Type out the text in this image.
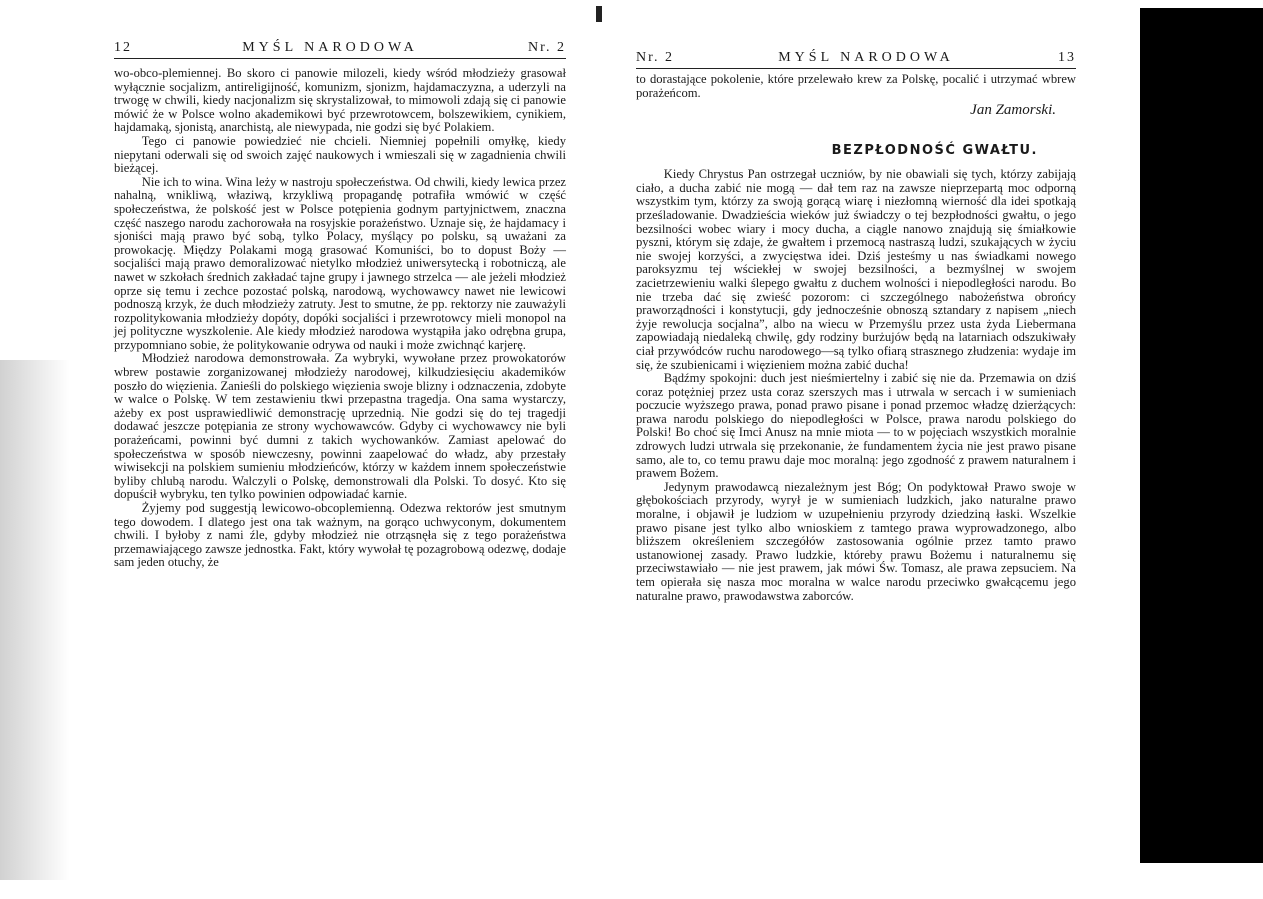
12	MYŚL NARODOWA	Nr. 2

wo-obco-plemiennej. Bo skoro ci panowie milozeli, kiedy wśród młodzieży grasował wyłącznie socjalizm, antireligijność, komunizm, sjonizm, hajdamaczyzna, a uderzyli na trwogę w chwili, kiedy nacjonalizm się skrystalizował, to mimowoli zdają się ci panowie mówić że w Polsce wolno akademikowi być przewrotowcem, bolszewikiem, cynikiem, hajdamaką, sjonistą, anarchistą, ale niewypada, nie godzi się być Polakiem.

Tego ci panowie powiedzieć nie chcieli. Niemniej popełnili omyłkę, kiedy niepytani oderwali się od swoich zajęć naukowych i wmieszali się w zagadnienia chwili bieżącej.

Nie ich to wina. Wina leży w nastroju społeczeństwa. Od chwili, kiedy lewica przez nahalną, wnikliwą, właziwą, krzykliwą propagandę potrafiła wmówić w część społeczeństwa, że polskość jest w Polsce potępienia godnym partyjnictwem, znaczna część naszego narodu zachorowała na rosyjskie porażeństwo. Uznaje się, że hajdamacy i sjoniści mają prawo być sobą, tylko Polacy, myślący po polsku, są uważani za prowokację. Między Polakami mogą grasować Komuniści, bo to dopust Boży — socjaliści mają prawo demoralizować nietylko młodzież uniwersytecką i robotniczą, ale nawet w szkołach średnich zakładać tajne grupy i jawnego strzelca — ale jeżeli młodzież oprze się temu i zechce pozostać polską, narodową, wychowawcy nawet nie lewicowi podnoszą krzyk, że duch młodzieży zatruty. Jest to smutne, że pp. rektorzy nie zauważyli rozpolitykowania młodzieży dopóty, dopóki socjaliści i przewrotowcy mieli monopol na jej polityczne wyszkolenie. Ale kiedy młodzież narodowa wystąpiła jako odrębna grupa, przypomniano sobie, że politykowanie odrywa od nauki i może zwichnąć karjerę.

Młodzież narodowa demonstrowała. Za wybryki, wywołane przez prowokatorów wbrew postawie zorganizowanej młodzieży narodowej, kilkudziesięciu akademików poszło do więzienia. Zanieśli do polskiego więzienia swoje blizny i odznaczenia, zdobyte w walce o Polskę. W tem zestawieniu tkwi przepastna tragedja. Ona sama wystarczy, ażeby ex post usprawiedliwić demonstrację uprzednią. Nie godzi się do tej tragedji dodawać jeszcze potępiania ze strony wychowawców. Gdyby ci wychowawcy nie byli porażeńcami, powinni być dumni z takich wychowanków. Zamiast apelować do społeczeństwa w sposób niewczesny, powinni zaapelować do władz, aby przestały wiwisekcji na polskiem sumieniu młodzieńców, którzy w każdem innem społeczeństwie byliby chlubą narodu. Walczyli o Polskę, demonstrowali dla Polski. To dosyć. Kto się dopuścił wybryku, ten tylko powinien odpowiadać karnie.

Żyjemy pod suggestją lewicowo-obcoplemienną. Odezwa rektorów jest smutnym tego dowodem. I dlatego jest ona tak ważnym, na gorąco uchwyconym, dokumentem chwili. I byłoby z nami źle, gdyby młodzież nie otrząsnęła się z tego porażeństwa przemawiającego zawsze jednostka. Fakt, który wywołał tę pozagrobową odezwę, dodaje sam jeden otuchy, że

Nr. 2	MYŚL NARODOWA	13

to dorastające pokolenie, które przelewało krew za Polskę, pocalić i utrzymać wbrew porażeńcom.

Jan Zamorski.
BEZPŁODNOŚĆ GWAŁTU.

Kiedy Chrystus Pan ostrzegał uczniów, by nie obawiali się tych, którzy zabijają ciało, a ducha zabić nie mogą — dał tem raz na zawsze nieprzepartą moc odporną wszystkim tym, którzy za swoją gorącą wiarę i niezłomną wierność dla idei spotkają prześladowanie. Dwadzieścia wieków już świadczy o tej bezpłodności gwałtu, o jego bezsilności wobec wiary i mocy ducha, a ciągle nanowo znajdują się śmiałkowie pyszni, którym się zdaje, że gwałtem i przemocą nastraszą ludzi, szukających w życiu nie swojej korzyści, a zwycięstwa idei. Dziś jesteśmy u nas świadkami nowego paroksyzmu tej wściekłej w swojej bezsilności, a bezmyślnej w swojem zacietrzewieniu walki ślepego gwałtu z duchem wolności i niepodległości narodu. Bo nie trzeba dać się zwieść pozorom: ci szczególnego nabożeństwa obrońcy praworządności i konstytucji, gdy jednocześnie obnoszą sztandary z napisem „niech żyje rewolucja socjalna”, albo na wiecu w Przemyślu przez usta żyda Liebermana zapowiadają niedaleką chwilę, gdy rodziny burżujów będą na latarniach odszukiwały ciał przywódców ruchu narodowego—są tylko ofiarą strasznego złudzenia: wydaje im się, że szubienicami i więzieniem można zabić ducha!

Bądźmy spokojni: duch jest nieśmiertelny i zabić się nie da. Przemawia on dziś coraz potężniej przez usta coraz szerszych mas i utrwala w sercach i w sumieniach poczucie wyższego prawa, ponad prawo pisane i ponad przemoc władzę dzierżących: prawa narodu polskiego do niepodległości w Polsce, prawa narodu polskiego do Polski! Bo choć się Imci Anusz na mnie miota — to w pojęciach wszystkich moralnie zdrowych ludzi utrwala się przekonanie, że fundamentem życia nie jest prawo pisane samo, ale to, co temu prawu daje moc moralną: jego zgodność z prawem naturalnem i prawem Bożem.

Jedynym prawodawcą niezależnym jest Bóg; On podyktował Prawo swoje w głębokościach przyrody, wyrył je w sumieniach ludzkich, jako naturalne prawo moralne, i objawił je ludziom w uzupełnieniu przyrody dziedziną łaski. Wszelkie prawo pisane jest tylko albo wnioskiem z tamtego prawa wyprowadzonego, albo bliższem określeniem szczegółów zastosowania ogólnie przez tamto prawo ustanowionej zasady. Prawo ludzkie, któreby prawu Bożemu i naturalnemu się przeciwstawiało — nie jest prawem, jak mówi Św. Tomasz, ale prawa zepsuciem. Na tem opierała się nasza moc moralna w walce narodu przeciwko gwałcącemu jego naturalne prawo, prawodawstwa zaborców.
